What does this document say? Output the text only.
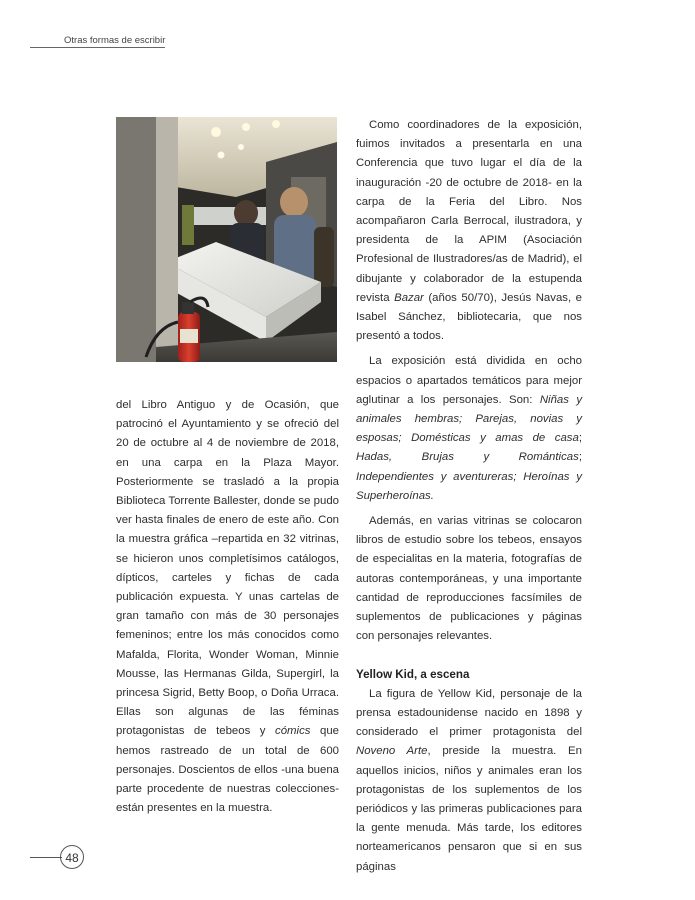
Otras formas de escribir

del Libro Antiguo y de Ocasión, que patrocinó el Ayuntamiento y se ofreció del 20 de octubre al 4 de noviembre de 2018, en una carpa en la Plaza Mayor. Posteriormente se trasladó a la propia Biblioteca Torrente Ballester, donde se pudo ver hasta finales de enero de este año. Con la muestra gráfica –repartida en 32 vitrinas, se hicieron unos completísimos catálogos, dípticos, carteles y fichas de cada publicación expuesta. Y unas cartelas de gran tamaño con más de 30 personajes femeninos; entre los más conocidos como Mafalda, Florita, Wonder Woman, Minnie Mousse, las Hermanas Gilda, Supergirl, la princesa Sigrid, Betty Boop, o Doña Urraca. Ellas son algunas de las féminas protagonistas de tebeos y cómics que hemos rastreado de un total de 600 personajes. Doscientos de ellos -una buena parte procedente de nuestras colecciones- están presentes en la muestra.

Como coordinadores de la exposición, fuimos invitados a presentarla en una Conferencia que tuvo lugar el día de la inauguración -20 de octubre de 2018- en la carpa de la Feria del Libro. Nos acompañaron Carla Berrocal, ilustradora, y presidenta de la APIM (Asociación Profesional de Ilustradores/as de Madrid), el dibujante y colaborador de la estupenda revista Bazar (años 50/70), Jesús Navas, e Isabel Sánchez, bibliotecaria, que nos presentó a todos.

La exposición está dividida en ocho espacios o apartados temáticos para mejor aglutinar a los personajes. Son: Niñas y animales hembras; Parejas, novias y esposas; Domésticas y amas de casa; Hadas, Brujas y Románticas; Independientes y aventureras; Heroínas y Superheroínas.

Además, en varias vitrinas se colocaron libros de estudio sobre los tebeos, ensayos de especialitas en la materia, fotografías de autoras contemporáneas, y una importante cantidad de reproducciones facsímiles de suplementos de publicaciones y páginas con personajes relevantes.

Yellow Kid, a escena

La figura de Yellow Kid, personaje de la prensa estadounidense nacido en 1898 y considerado el primer protagonista del Noveno Arte, preside la muestra. En aquellos inicios, niños y animales eran los protagonistas de los suplementos de los periódicos y las primeras publicaciones para la gente menuda. Más tarde, los editores norteamericanos pensaron que si en sus páginas

48
